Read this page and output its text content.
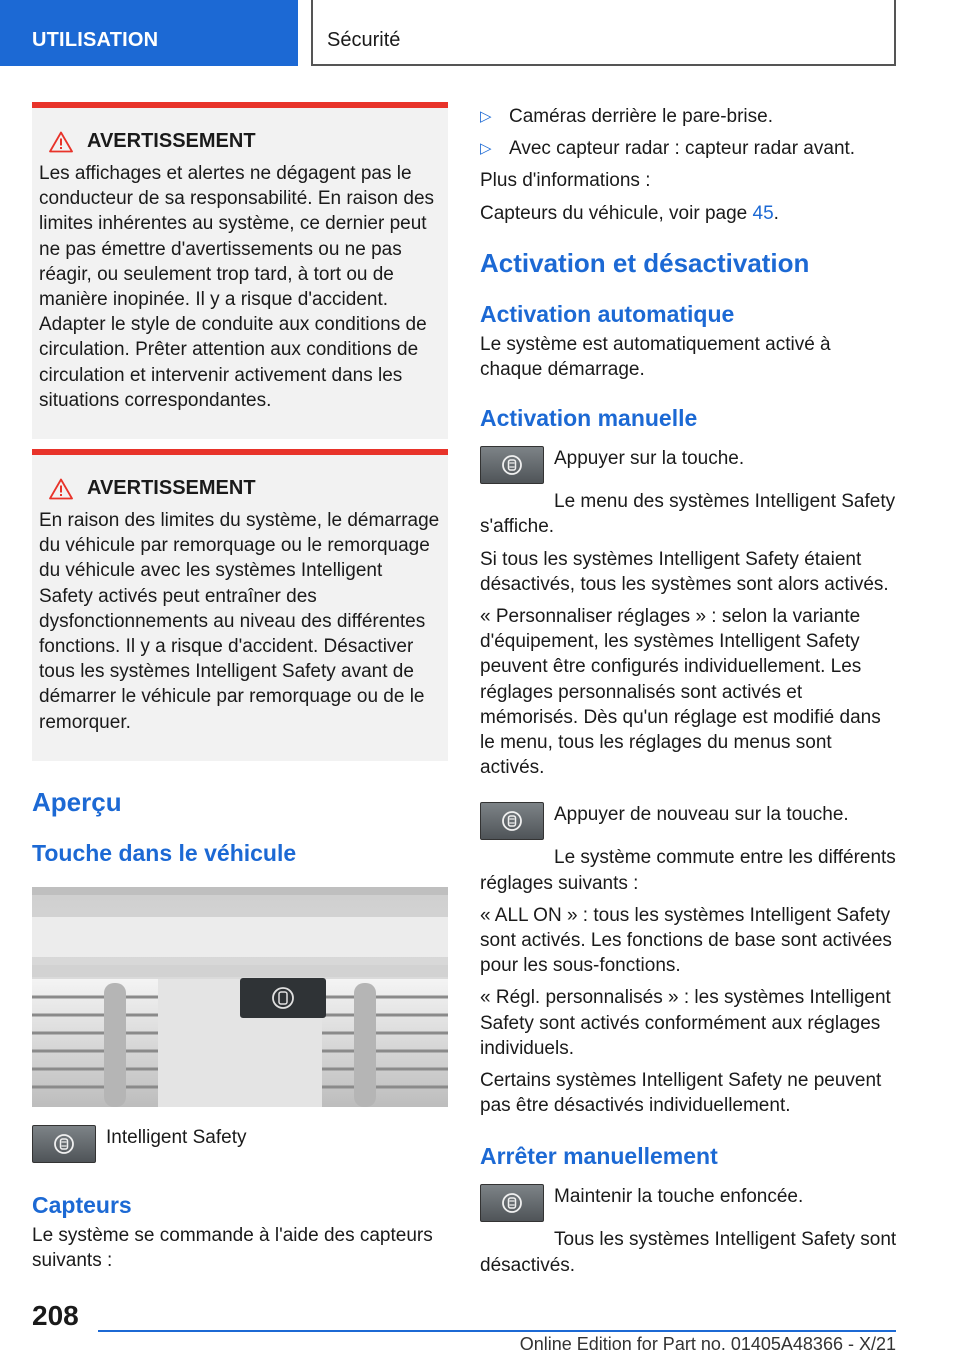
UTILISATION	Sécurité
AVERTISSEMENT

Les affichages et alertes ne dégagent pas le conducteur de sa responsabilité. En raison des limites inhérentes au système, ce dernier peut ne pas émettre d'avertissements ou ne pas réagir, ou seulement trop tard, à tort ou de manière inopinée. Il y a risque d'accident. Adapter le style de conduite aux conditions de circulation. Prêter attention aux conditions de circulation et intervenir activement dans les situations correspondantes.

AVERTISSEMENT

En raison des limites du système, le démarrage du véhicule par remorquage ou le remorquage du véhicule avec les systèmes Intelligent Safety activés peut entraîner des dysfonctionnements au niveau des différentes fonctions. Il y a risque d'accident. Désactiver tous les systèmes Intelligent Safety avant de démarrer le véhicule par remorquage ou de le remorquer.

Aperçu
Touche dans le véhicule

Intelligent Safety

Capteurs

Le système se commande à l'aide des capteurs suivants :

▷ Caméras derrière le pare-brise.

▷ Avec capteur radar : capteur radar avant.

Plus d'informations :

Capteurs du véhicule, voir page 45.

Activation et désactivation
Activation automatique

Le système est automatiquement activé à chaque démarrage.

Activation manuelle

Appuyer sur la touche.

Le menu des systèmes Intelligent Safety s'affiche.

Si tous les systèmes Intelligent Safety étaient désactivés, tous les systèmes sont alors activés.

« Personnaliser réglages » : selon la variante d'équipement, les systèmes Intelligent Safety peuvent être configurés individuellement. Les réglages personnalisés sont activés et mémorisés. Dès qu'un réglage est modifié dans le menu, tous les réglages du menus sont activés.

Appuyer de nouveau sur la touche.

Le système commute entre les différents réglages suivants :

« ALL ON » : tous les systèmes Intelligent Safety sont activés. Les fonctions de base sont activées pour les sous-fonctions.

« Régl. personnalisés » : les systèmes Intelligent Safety sont activés conformément aux réglages individuels.

Certains systèmes Intelligent Safety ne peuvent pas être désactivés individuellement.

Arrêter manuellement

Maintenir la touche enfoncée.

Tous les systèmes Intelligent Safety sont désactivés.

208
Online Edition for Part no. 01405A48366 - X/21
